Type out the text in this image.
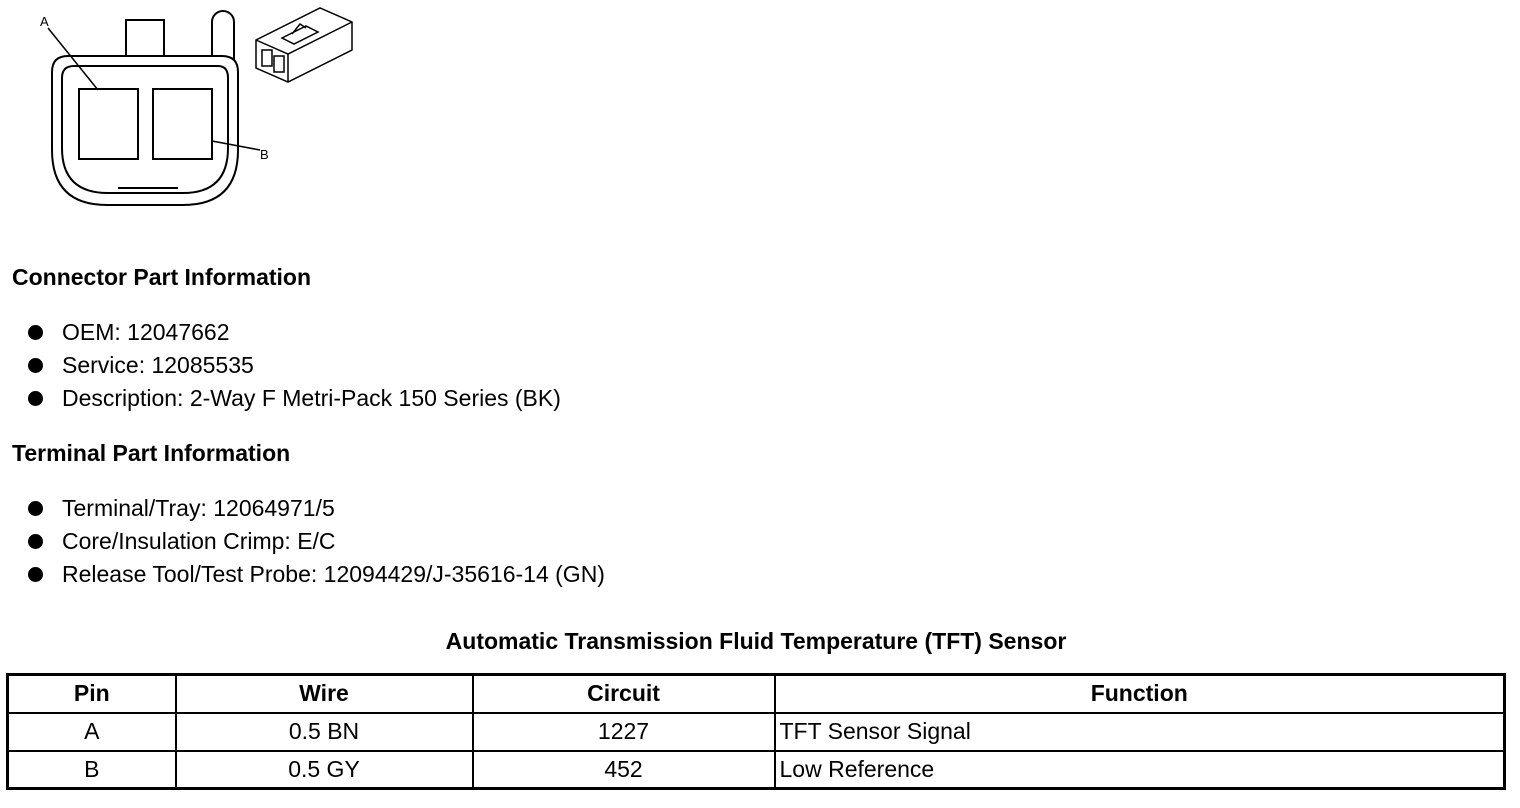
A
B
Connector Part Information
OEM: 12047662
Service: 12085535
Description: 2-Way F Metri-Pack 150 Series (BK)
Terminal Part Information
Terminal/Tray: 12064971/5
Core/Insulation Crimp: E/C
Release Tool/Test Probe: 12094429/J-35616-14 (GN)
Automatic Transmission Fluid Temperature (TFT) Sensor
Pin	Wire	Circuit	Function
A	0.5 BN	1227	TFT Sensor Signal
B	0.5 GY	452	Low Reference
